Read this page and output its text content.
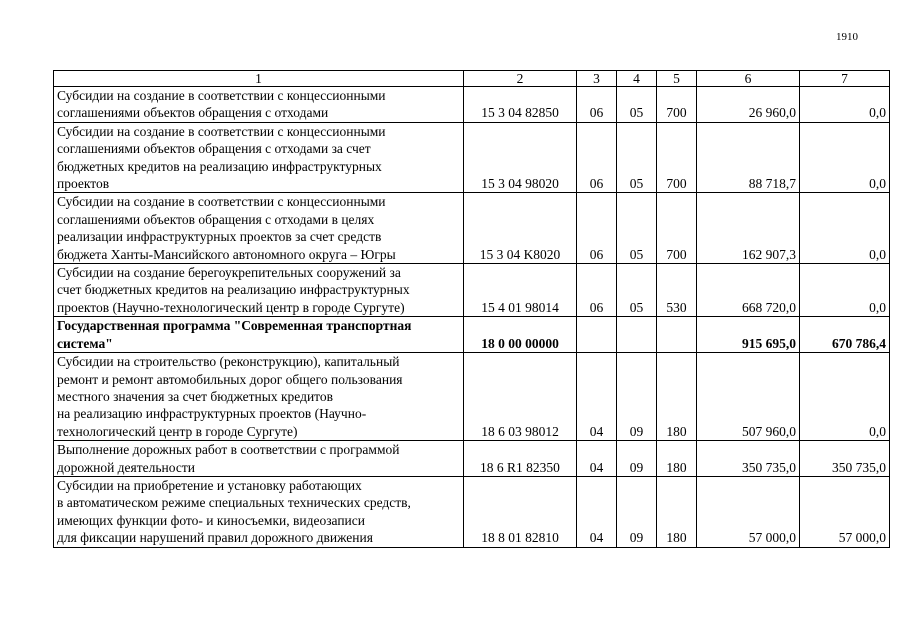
1910
1	2	3	4	5	6	7
Субсидии на создание в соответствии с концессионными
соглашениями объектов обращения с отходами	15 3 04 82850	06	05	700	26 960,0	0,0
Субсидии на создание в соответствии с концессионными
соглашениями объектов обращения с отходами за счет
бюджетных кредитов на реализацию инфраструктурных
проектов	15 3 04 98020	06	05	700	88 718,7	0,0
Субсидии на создание в соответствии с концессионными
соглашениями объектов обращения с отходами в целях
реализации инфраструктурных проектов за счет средств
бюджета Ханты-Мансийского автономного округа – Югры	15 3 04 K8020	06	05	700	162 907,3	0,0
Субсидии на создание берегоукрепительных сооружений за
счет бюджетных кредитов на реализацию инфраструктурных
проектов (Научно-технологический центр в городе Сургуте)	15 4 01 98014	06	05	530	668 720,0	0,0
Государственная программа "Современная транспортная
система"	18 0 00 00000				915 695,0	670 786,4
Субсидии на строительство (реконструкцию), капитальный
ремонт и ремонт автомобильных дорог общего пользования
местного значения за счет бюджетных кредитов
на реализацию инфраструктурных проектов (Научно-
технологический центр в городе Сургуте)	18 6 03 98012	04	09	180	507 960,0	0,0
Выполнение дорожных работ в соответствии с программой
дорожной деятельности	18 6 R1 82350	04	09	180	350 735,0	350 735,0
Субсидии на приобретение и установку работающих
в автоматическом режиме специальных технических средств,
имеющих функции фото- и киносъемки, видеозаписи
для фиксации нарушений правил дорожного движения	18 8 01 82810	04	09	180	57 000,0	57 000,0
